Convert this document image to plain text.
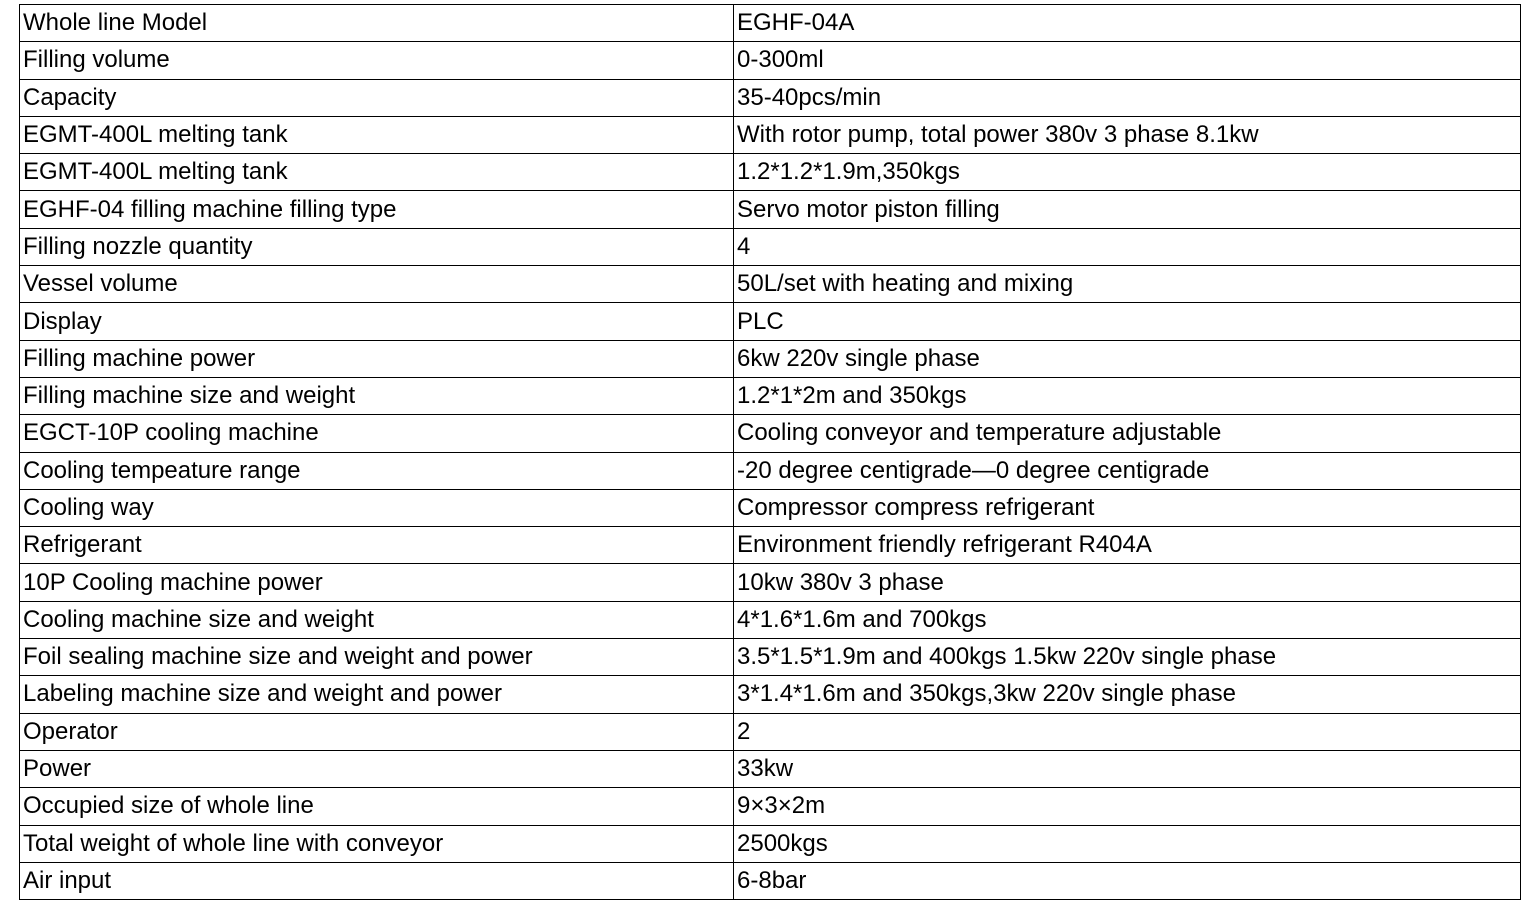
Whole line Model	EGHF-04A
Filling volume	0-300ml
Capacity	35-40pcs/min
EGMT-400L melting tank	With rotor pump, total power 380v 3 phase 8.1kw
EGMT-400L melting tank	1.2*1.2*1.9m,350kgs
EGHF-04 filling machine filling type	Servo motor piston filling
Filling nozzle quantity	4
Vessel volume	50L/set with heating and mixing
Display	PLC
Filling machine power	6kw 220v single phase
Filling machine size and weight	1.2*1*2m and 350kgs
EGCT-10P cooling machine	Cooling conveyor and temperature adjustable
Cooling tempeature range	-20 degree centigrade—0 degree centigrade
Cooling way	Compressor compress refrigerant
Refrigerant	Environment friendly refrigerant R404A
10P Cooling machine power	10kw 380v 3 phase
Cooling machine size and weight	4*1.6*1.6m and 700kgs
Foil sealing machine size and weight and power	3.5*1.5*1.9m and 400kgs 1.5kw 220v single phase
Labeling machine size and weight and power	3*1.4*1.6m and 350kgs,3kw 220v single phase
Operator	2
Power	33kw
Occupied size of whole line	9×3×2m
Total weight of whole line with conveyor	2500kgs
Air input	6-8bar
